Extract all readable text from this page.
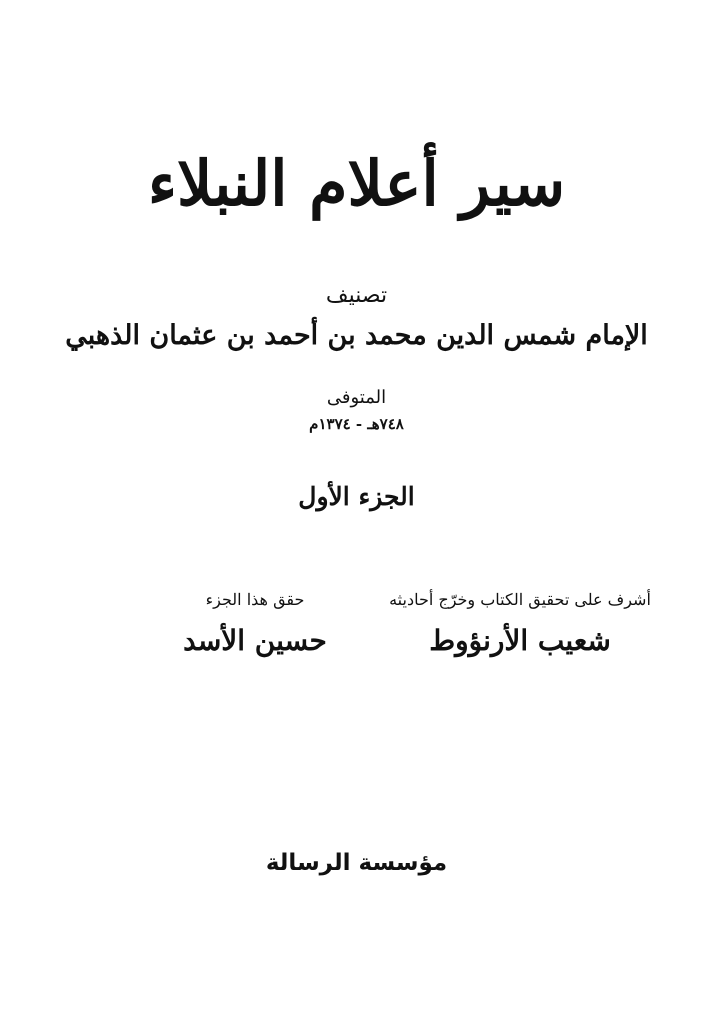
سير أعلام النبلاء
تصنيف
الإمام شمس الدين محمد بن أحمد بن عثمان الذهبي
المتوفى
٧٤٨هـ - ١٣٧٤م
الجزء الأول
أشرف على تحقيق الكتاب وخرّج أحاديثه
شعيب الأرنؤوط
حقق هذا الجزء
حسين الأسد
مؤسسة الرسالة
